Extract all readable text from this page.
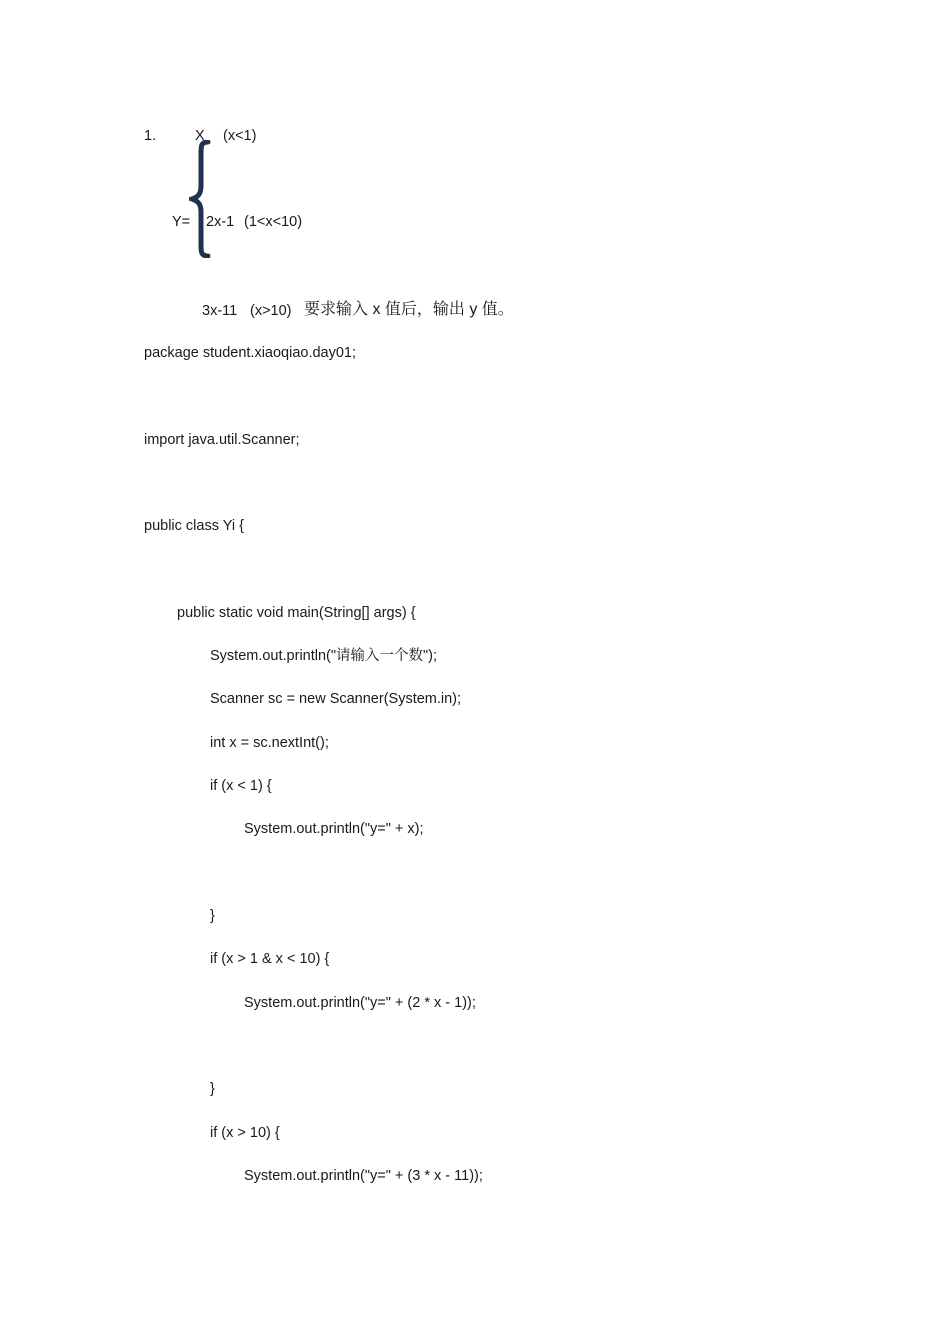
1.	X (x<1)
Y= 2x-1 (1<x<10)
3x-11 (x>10) 要求输入 x 值后，输出 y 值。
package student.xiaoqiao.day01;
import java.util.Scanner;
public class Yi {
public static void main(String[] args) {
System.out.println("请输入一个数");
Scanner sc = new Scanner(System.in);
int x = sc.nextInt();
if (x < 1) {
System.out.println("y=" + x);
}
if (x > 1 & x < 10) {
System.out.println("y=" + (2 * x - 1));
}
if (x > 10) {
System.out.println("y=" + (3 * x - 11));
